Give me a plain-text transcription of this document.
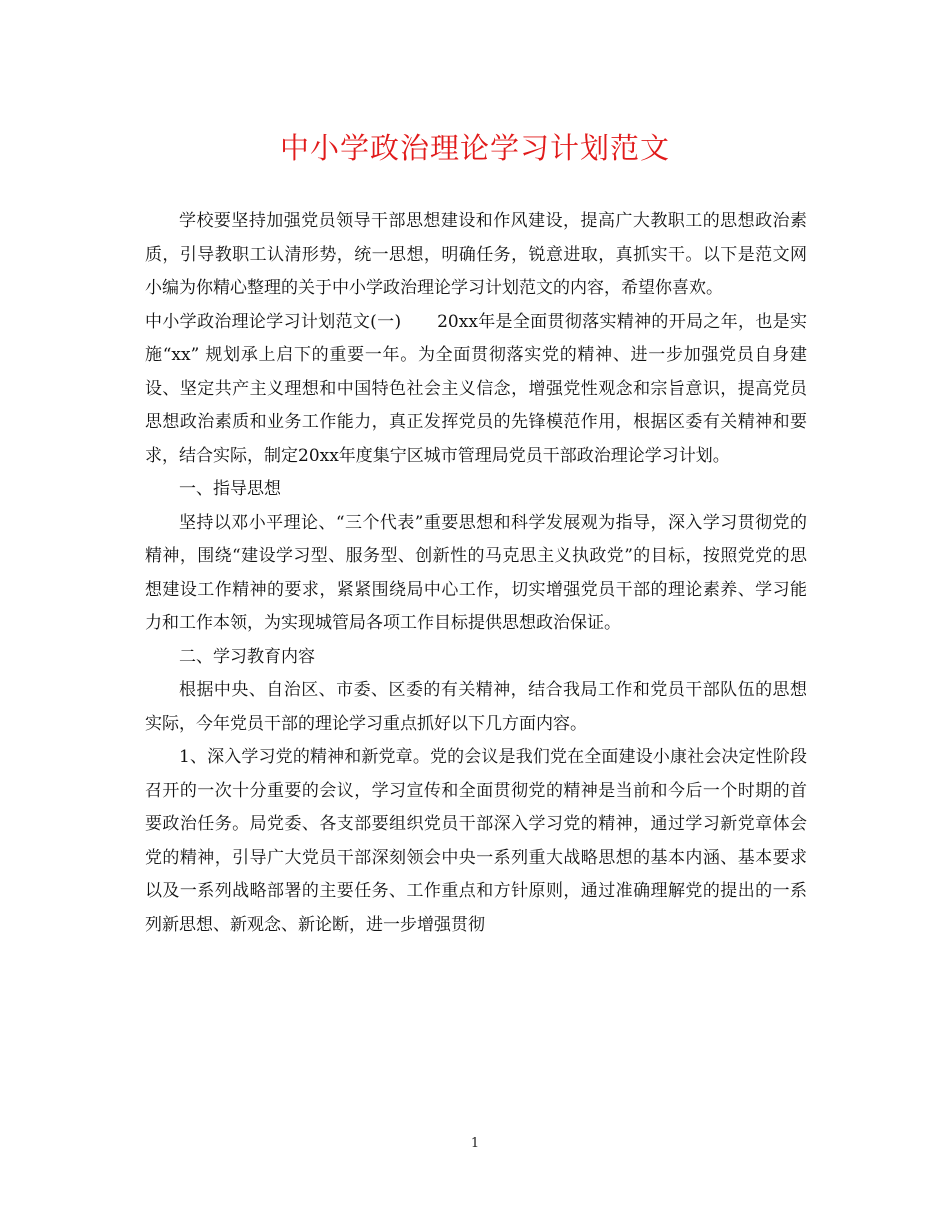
中小学政治理论学习计划范文

学校要坚持加强党员领导干部思想建设和作风建设，提高广大教职工的思想政治素质，引导教职工认清形势，统一思想，明确任务，锐意进取，真抓实干。以下是范文网小编为你精心整理的关于中小学政治理论学习计划范文的内容，希望你喜欢。

中小学政治理论学习计划范文(一) 20xx年是全面贯彻落实精神的开局之年，也是实施“xx” 规划承上启下的重要一年。为全面贯彻落实党的精神、进一步加强党员自身建设、坚定共产主义理想和中国特色社会主义信念，增强党性观念和宗旨意识，提高党员思想政治素质和业务工作能力，真正发挥党员的先锋模范作用，根据区委有关精神和要求，结合实际，制定20xx年度集宁区城市管理局党员干部政治理论学习计划。

一、指导思想

坚持以邓小平理论、“三个代表”重要思想和科学发展观为指导，深入学习贯彻党的精神，围绕“建设学习型、服务型、创新性的马克思主义执政党”的目标，按照党党的思想建设工作精神的要求，紧紧围绕局中心工作，切实增强党员干部的理论素养、学习能力和工作本领，为实现城管局各项工作目标提供思想政治保证。

二、学习教育内容

根据中央、自治区、市委、区委的有关精神，结合我局工作和党员干部队伍的思想实际，今年党员干部的理论学习重点抓好以下几方面内容。

1、深入学习党的精神和新党章。党的会议是我们党在全面建设小康社会决定性阶段召开的一次十分重要的会议，学习宣传和全面贯彻党的精神是当前和今后一个时期的首要政治任务。局党委、各支部要组织党员干部深入学习党的精神，通过学习新党章体会党的精神，引导广大党员干部深刻领会中央一系列重大战略思想的基本内涵、基本要求以及一系列战略部署的主要任务、工作重点和方针原则，通过准确理解党的提出的一系列新思想、新观念、新论断，进一步增强贯彻

1
